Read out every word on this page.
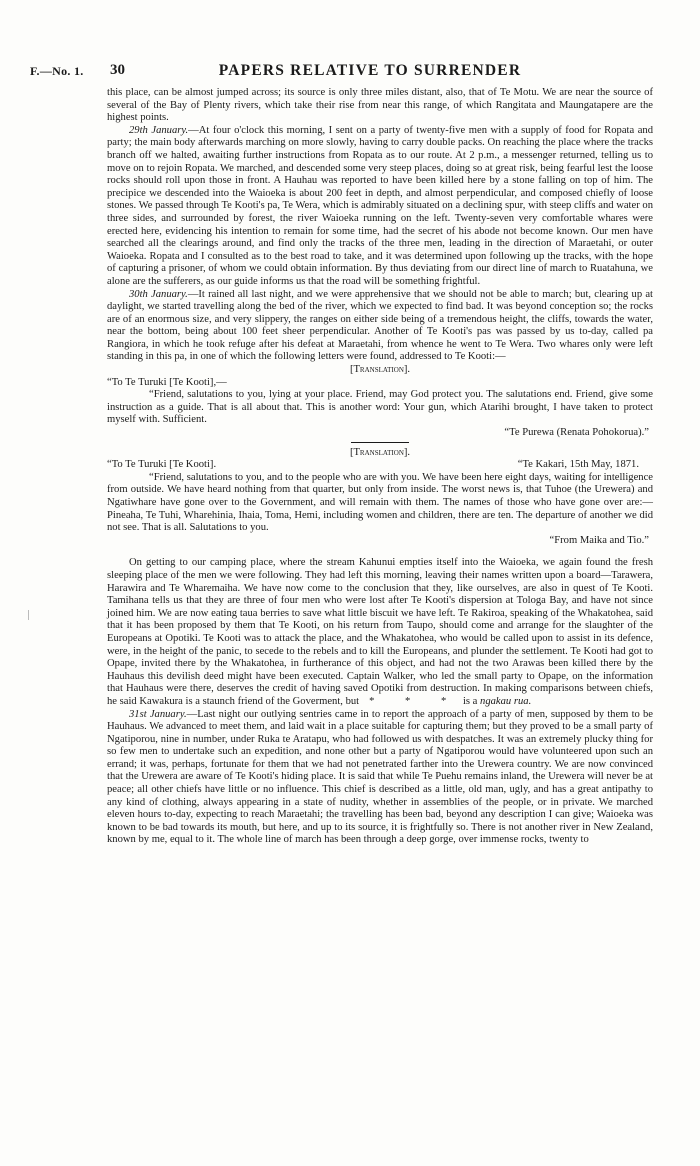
F.—No. 1. 30	PAPERS RELATIVE TO SURRENDER

this place, can be almost jumped across; its source is only three miles distant, also, that of Te Motu. We are near the source of several of the Bay of Plenty rivers, which take their rise from near this range, of which Rangitata and Maungatapere are the highest points.

29th January.—At four o'clock this morning, I sent on a party of twenty-five men with a supply of food for Ropata and party; the main body afterwards marching on more slowly, having to carry double packs. On reaching the place where the tracks branch off we halted, awaiting further instructions from Ropata as to our route. At 2 p.m., a messenger returned, telling us to move on to rejoin Ropata. We marched, and descended some very steep places, doing so at great risk, being fearful lest the loose rocks should roll upon those in front. A Hauhau was reported to have been killed here by a stone falling on top of him. The precipice we descended into the Waioeka is about 200 feet in depth, and almost perpendicular, and composed chiefly of loose stones. We passed through Te Kooti's pa, Te Wera, which is admirably situated on a declining spur, with steep cliffs and water on three sides, and surrounded by forest, the river Waioeka running on the left. Twenty-seven very comfortable whares were erected here, evidencing his intention to remain for some time, had the secret of his abode not become known. Our men have searched all the clearings around, and find only the tracks of the three men, leading in the direction of Maraetahi, or outer Waioeka. Ropata and I consulted as to the best road to take, and it was determined upon following up the tracks, with the hope of capturing a prisoner, of whom we could obtain information. By thus deviating from our direct line of march to Ruatahuna, we alone are the sufferers, as our guide informs us that the road will be something frightful.

30th January.—It rained all last night, and we were apprehensive that we should not be able to march; but, clearing up at daylight, we started travelling along the bed of the river, which we expected to find bad. It was beyond conception so; the rocks are of an enormous size, and very slippery, the ranges on either side being of a tremendous height, the cliffs, towards the water, near the bottom, being about 100 feet sheer perpendicular. Another of Te Kooti's pas was passed by us to-day, called pa Rangiora, in which he took refuge after his defeat at Maraetahi, from whence he went to Te Wera. Two whares only were left standing in this pa, in one of which the following letters were found, addressed to Te Kooti:—

[Translation].

“To Te Turuki [Te Kooti],—

“Friend, salutations to you, lying at your place. Friend, may God protect you. The salutations end. Friend, give some instruction as a guide. That is all about that. This is another word: Your gun, which Atarihi brought, I have taken to protect myself with. Sufficient.

“Te Purewa (Renata Pohokorua).”

[Translation].

“To Te Turuki [Te Kooti].	“Te Kakari, 15th May, 1871.

“Friend, salutations to you, and to the people who are with you. We have been here eight days, waiting for intelligence from outside. We have heard nothing from that quarter, but only from inside. The worst news is, that Tuhoe (the Urewera) and Ngatiwhare have gone over to the Government, and will remain with them. The names of those who have gone over are:—Pineaha, Te Tuhi, Wharehinia, Ihaia, Toma, Hemi, including women and children, there are ten. The departure of another we did not see. That is all. Salutations to you.

“From Maika and Tio.”

On getting to our camping place, where the stream Kahunui empties itself into the Waioeka, we again found the fresh sleeping place of the men we were following. They had left this morning, leaving their names written upon a board—Tarawera, Harawira and Te Wharemaiha. We have now come to the conclusion that they, like ourselves, are also in quest of Te Kooti. Tamihana tells us that they are three of four men who were lost after Te Kooti's dispersion at Tologa Bay, and have not since joined him. We are now eating taua berries to save what little biscuit we have left. Te Rakiroa, speaking of the Whakatohea, said that it has been proposed by them that Te Kooti, on his return from Taupo, should come and arrange for the slaughter of the Europeans at Opotiki. Te Kooti was to attack the place, and the Whakatohea, who would be called upon to assist in its defence, were, in the height of the panic, to secede to the rebels and to kill the Europeans, and plunder the settlement. Te Kooti had got to Opape, invited there by the Whakatohea, in furtherance of this object, and had not the two Arawas been killed there by the Hauhaus this devilish deed might have been executed. Captain Walker, who led the small party to Opape, on the information that Hauhaus were there, deserves the credit of having saved Opotiki from destruction. In making comparisons between chiefs, he said Kawakura is a staunch friend of the Goverment, but * * * is a ngakau rua.

31st January.—Last night our outlying sentries came in to report the approach of a party of men, supposed by them to be Hauhaus. We advanced to meet them, and laid wait in a place suitable for capturing them; but they proved to be a small party of Ngatiporou, nine in number, under Ruka te Aratapu, who had followed us with despatches. It was an extremely plucky thing for so few men to undertake such an expedition, and none other but a party of Ngatiporou would have volunteered upon such an errand; it was, perhaps, fortunate for them that we had not penetrated farther into the Urewera country. We are now convinced that the Urewera are aware of Te Kooti's hiding place. It is said that while Te Puehu remains inland, the Urewera will never be at peace; all other chiefs have little or no influence. This chief is described as a little, old man, ugly, and has a great antipathy to any kind of clothing, always appearing in a state of nudity, whether in assemblies of the people, or in private. We marched eleven hours to-day, expecting to reach Maraetahi; the travelling has been bad, beyond any description I can give; Waioeka was known to be bad towards its mouth, but here, and up to its source, it is frightfully so. There is not another river in New Zealand, known by me, equal to it. The whole line of march has been through a deep gorge, over immense rocks, twenty to
